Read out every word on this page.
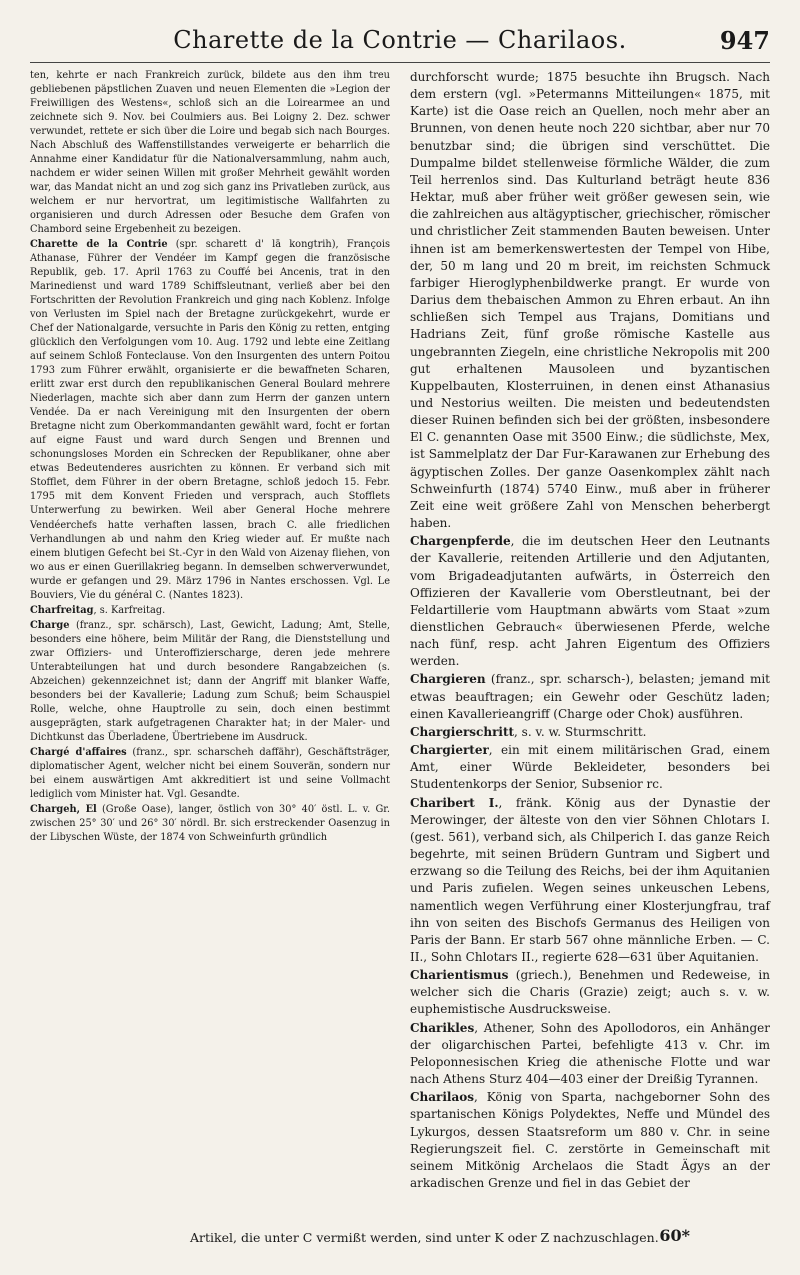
Charette de la Contrie — Charilaos.	947

ten, kehrte er nach Frankreich zurück, bildete aus den ihm treu gebliebenen päpstlichen Zuaven und neuen Elementen die »Legion der Freiwilligen des Westens«, schloß sich an die Loirearmee an und zeichnete sich 9. Nov. bei Coulmiers aus. Bei Loigny 2. Dez. schwer verwundet, rettete er sich über die Loire und begab sich nach Bourges. Nach Abschluß des Waffenstillstandes verweigerte er beharrlich die Annahme einer Kandidatur für die Nationalversammlung, nahm auch, nachdem er wider seinen Willen mit großer Mehrheit gewählt worden war, das Mandat nicht an und zog sich ganz ins Privatleben zurück, aus welchem er nur hervortrat, um legitimistische Wallfahrten zu organisieren und durch Adressen oder Besuche dem Grafen von Chambord seine Ergebenheit zu bezeigen.

Charette de la Contrie (spr. scharett d' lā kongtrih), François Athanase, Führer der Vendéer im Kampf gegen die französische Republik, geb. 17. April 1763 zu Couffé bei Ancenis, trat in den Marinedienst und ward 1789 Schiffsleutnant, verließ aber bei den Fortschritten der Revolution Frankreich und ging nach Koblenz. Infolge von Verlusten im Spiel nach der Bretagne zurückgekehrt, wurde er Chef der Nationalgarde, versuchte in Paris den König zu retten, entging glücklich den Verfolgungen vom 10. Aug. 1792 und lebte eine Zeitlang auf seinem Schloß Fonteclause. Von den Insurgenten des untern Poitou 1793 zum Führer erwählt, organisierte er die bewaffneten Scharen, erlitt zwar erst durch den republikanischen General Boulard mehrere Niederlagen, machte sich aber dann zum Herrn der ganzen untern Vendée. Da er nach Vereinigung mit den Insurgenten der obern Bretagne nicht zum Oberkommandanten gewählt ward, focht er fortan auf eigne Faust und ward durch Sengen und Brennen und schonungsloses Morden ein Schrecken der Republikaner, ohne aber etwas Bedeutenderes ausrichten zu können. Er verband sich mit Stofflet, dem Führer in der obern Bretagne, schloß jedoch 15. Febr. 1795 mit dem Konvent Frieden und versprach, auch Stofflets Unterwerfung zu bewirken. Weil aber General Hoche mehrere Vendéerchefs hatte verhaften lassen, brach C. alle friedlichen Verhandlungen ab und nahm den Krieg wieder auf. Er mußte nach einem blutigen Gefecht bei St.-Cyr in den Wald von Aizenay fliehen, von wo aus er einen Guerillakrieg begann. In demselben schwerverwundet, wurde er gefangen und 29. März 1796 in Nantes erschossen. Vgl. Le Bouviers, Vie du général C. (Nantes 1823).

Charfreitag, s. Karfreitag.

Charge (franz., spr. schärsch), Last, Gewicht, Ladung; Amt, Stelle, besonders eine höhere, beim Militär der Rang, die Dienststellung und zwar Offiziers- und Unteroffizierscharge, deren jede mehrere Unterabteilungen hat und durch besondere Rangabzeichen (s. Abzeichen) gekennzeichnet ist; dann der Angriff mit blanker Waffe, besonders bei der Kavallerie; Ladung zum Schuß; beim Schauspiel Rolle, welche, ohne Hauptrolle zu sein, doch einen bestimmt ausgeprägten, stark aufgetragenen Charakter hat; in der Maler- und Dichtkunst das Überladene, Übertriebene im Ausdruck.

Chargé d'affaires (franz., spr. scharscheh daffähr), Geschäftsträger, diplomatischer Agent, welcher nicht bei einem Souverän, sondern nur bei einem auswärtigen Amt akkreditiert ist und seine Vollmacht lediglich vom Minister hat. Vgl. Gesandte.

Chargeh, El (Große Oase), langer, östlich von 30° 40′ östl. L. v. Gr. zwischen 25° 30′ und 26° 30′ nördl. Br. sich erstreckender Oasenzug in der Libyschen Wüste, der 1874 von Schweinfurth gründlich

durchforscht wurde; 1875 besuchte ihn Brugsch. Nach dem erstern (vgl. »Petermanns Mitteilungen« 1875, mit Karte) ist die Oase reich an Quellen, noch mehr aber an Brunnen, von denen heute noch 220 sichtbar, aber nur 70 benutzbar sind; die übrigen sind verschüttet. Die Dumpalme bildet stellenweise förmliche Wälder, die zum Teil herrenlos sind. Das Kulturland beträgt heute 836 Hektar, muß aber früher weit größer gewesen sein, wie die zahlreichen aus altägyptischer, griechischer, römischer und christlicher Zeit stammenden Bauten beweisen. Unter ihnen ist am bemerkenswertesten der Tempel von Hibe, der, 50 m lang und 20 m breit, im reichsten Schmuck farbiger Hieroglyphenbildwerke prangt. Er wurde von Darius dem thebaischen Ammon zu Ehren erbaut. An ihn schließen sich Tempel aus Trajans, Domitians und Hadrians Zeit, fünf große römische Kastelle aus ungebrannten Ziegeln, eine christliche Nekropolis mit 200 gut erhaltenen Mausoleen und byzantischen Kuppelbauten, Klosterruinen, in denen einst Athanasius und Nestorius weilten. Die meisten und bedeutendsten dieser Ruinen befinden sich bei der größten, insbesondere El C. genannten Oase mit 3500 Einw.; die südlichste, Mex, ist Sammelplatz der Dar Fur-Karawanen zur Erhebung des ägyptischen Zolles. Der ganze Oasenkomplex zählt nach Schweinfurth (1874) 5740 Einw., muß aber in früherer Zeit eine weit größere Zahl von Menschen beherbergt haben.

Chargenpferde, die im deutschen Heer den Leutnants der Kavallerie, reitenden Artillerie und den Adjutanten, vom Brigadeadjutanten aufwärts, in Österreich den Offizieren der Kavallerie vom Oberstleutnant, bei der Feldartillerie vom Hauptmann abwärts vom Staat »zum dienstlichen Gebrauch« überwiesenen Pferde, welche nach fünf, resp. acht Jahren Eigentum des Offiziers werden.

Chargieren (franz., spr. scharsch-), belasten; jemand mit etwas beauftragen; ein Gewehr oder Geschütz laden; einen Kavallerieangriff (Charge oder Chok) ausführen.

Chargierschritt, s. v. w. Sturmschritt.

Chargierter, ein mit einem militärischen Grad, einem Amt, einer Würde Bekleideter, besonders bei Studentenkorps der Senior, Subsenior rc.

Charibert I., fränk. König aus der Dynastie der Merowinger, der älteste von den vier Söhnen Chlotars I. (gest. 561), verband sich, als Chilperich I. das ganze Reich begehrte, mit seinen Brüdern Guntram und Sigbert und erzwang so die Teilung des Reichs, bei der ihm Aquitanien und Paris zufielen. Wegen seines unkeuschen Lebens, namentlich wegen Verführung einer Klosterjungfrau, traf ihn von seiten des Bischofs Germanus des Heiligen von Paris der Bann. Er starb 567 ohne männliche Erben. — C. II., Sohn Chlotars II., regierte 628—631 über Aquitanien.

Charientismus (griech.), Benehmen und Redeweise, in welcher sich die Charis (Grazie) zeigt; auch s. v. w. euphemistische Ausdrucksweise.

Charikles, Athener, Sohn des Apollodoros, ein Anhänger der oligarchischen Partei, befehligte 413 v. Chr. im Peloponnesischen Krieg die athenische Flotte und war nach Athens Sturz 404—403 einer der Dreißig Tyrannen.

Charilaos, König von Sparta, nachgeborner Sohn des spartanischen Königs Polydektes, Neffe und Mündel des Lykurgos, dessen Staatsreform um 880 v. Chr. in seine Regierungszeit fiel. C. zerstörte in Gemeinschaft mit seinem Mitkönig Archelaos die Stadt Ägys an der arkadischen Grenze und fiel in das Gebiet der

Artikel, die unter C vermißt werden, sind unter K oder Z nachzuschlagen. 60*
